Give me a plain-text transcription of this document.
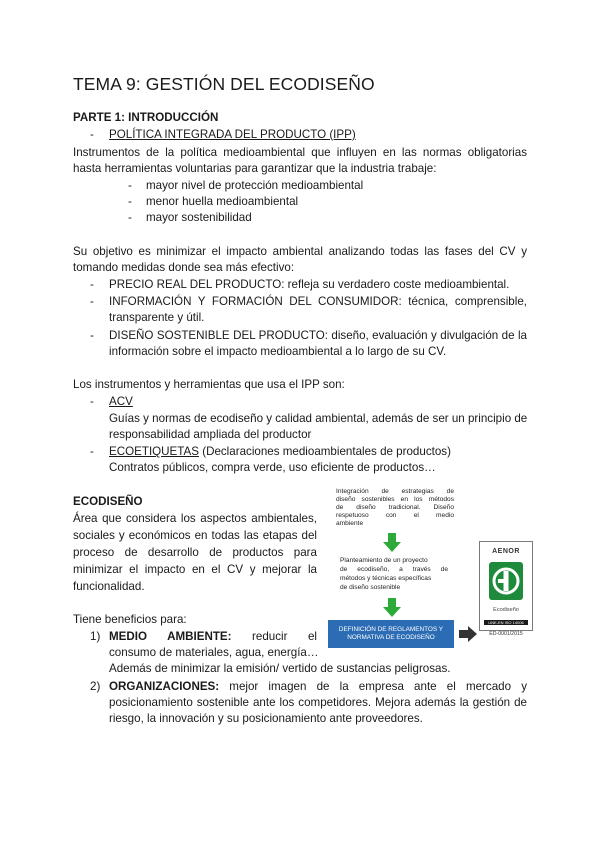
TEMA 9: GESTIÓN DEL ECODISEÑO
PARTE 1: INTRODUCCIÓN
- POLÍTICA INTEGRADA DEL PRODUCTO (IPP)
Instrumentos de la política medioambiental que influyen en las normas obligatorias
hasta herramientas voluntarias para garantizar que la industria trabaje:
- mayor nivel de protección medioambiental
- menor huella medioambiental
- mayor sostenibilidad
Su objetivo es minimizar el impacto ambiental analizando todas las fases del CV y
tomando medidas donde sea más efectivo:
- PRECIO REAL DEL PRODUCTO: refleja su verdadero coste medioambiental.
- INFORMACIÓN Y FORMACIÓN DEL CONSUMIDOR: técnica, comprensible,
transparente y útil.
- DISEÑO SOSTENIBLE DEL PRODUCTO: diseño, evaluación y divulgación de la
información sobre el impacto medioambiental a lo largo de su CV.
Los instrumentos y herramientas que usa el IPP son:
- ACV
Guías y normas de ecodiseño y calidad ambiental, además de ser un principio de
responsabilidad ampliada del productor
- ECOETIQUETAS (Declaraciones medioambientales de productos)
Contratos públicos, compra verde, uso eficiente de productos…
ECODISEÑO
Área que considera los aspectos ambientales,
sociales y económicos en todas las etapas del
proceso de desarrollo de productos para
minimizar el impacto en el CV y mejorar la
funcionalidad.
Tiene beneficios para:
1) MEDIO AMBIENTE: reducir el
consumo de materiales, agua, energía…
Además de minimizar la emisión/ vertido de sustancias peligrosas.
2) ORGANIZACIONES: mejor imagen de la empresa ante el mercado y
posicionamiento sostenible ante los competidores. Mejora además la gestión de
riesgo, la innovación y su posicionamiento ante proveedores.
Integración de estrategias de
diseño sostenibles en los métodos
de diseño tradicional. Diseño
respetuoso con el medio
ambiente
Planteamiento de un proyecto
de ecodiseño, a través de
métodos y técnicas específicas
de diseño sostenible
DEFINICIÓN DE REGLAMENTOS Y
NORMATIVA DE ECODISEÑO
AENOR
Ecodiseño
UNE-EN ISO 14006
ED-0001/2015
